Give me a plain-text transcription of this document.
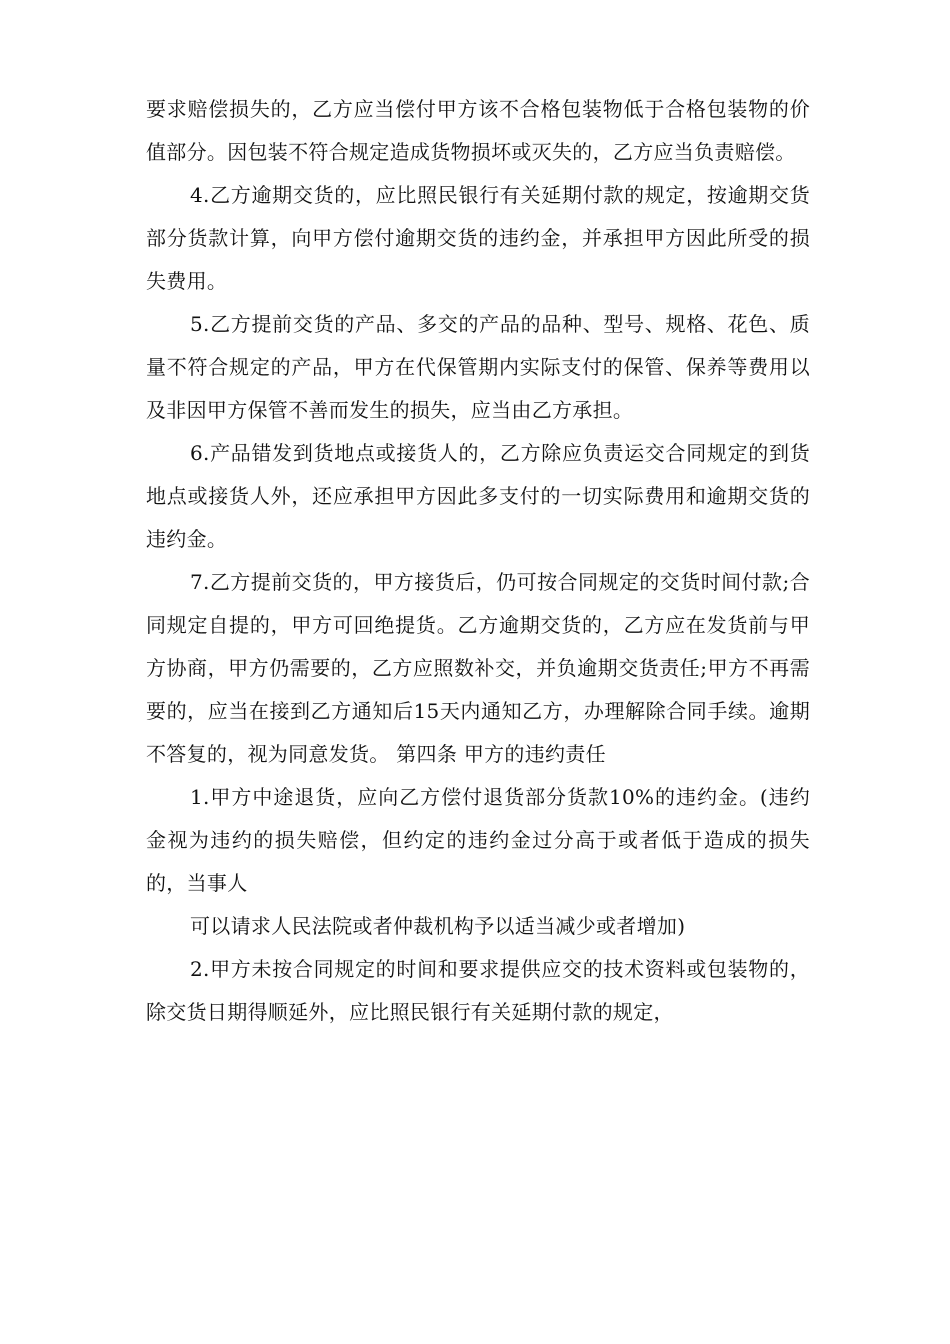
要求赔偿损失的，乙方应当偿付甲方该不合格包装物低于合格包装物的价值部分。因包装不符合规定造成货物损坏或灭失的，乙方应当负责赔偿。

4.乙方逾期交货的，应比照民银行有关延期付款的规定，按逾期交货部分货款计算，向甲方偿付逾期交货的违约金，并承担甲方因此所受的损失费用。

5.乙方提前交货的产品、多交的产品的品种、型号、规格、花色、质量不符合规定的产品，甲方在代保管期内实际支付的保管、保养等费用以及非因甲方保管不善而发生的损失，应当由乙方承担。

6.产品错发到货地点或接货人的，乙方除应负责运交合同规定的到货地点或接货人外，还应承担甲方因此多支付的一切实际费用和逾期交货的违约金。

7.乙方提前交货的，甲方接货后，仍可按合同规定的交货时间付款;合同规定自提的，甲方可回绝提货。乙方逾期交货的，乙方应在发货前与甲方协商，甲方仍需要的，乙方应照数补交，并负逾期交货责任;甲方不再需要的，应当在接到乙方通知后15天内通知乙方，办理解除合同手续。逾期不答复的，视为同意发货。 第四条 甲方的违约责任

1.甲方中途退货，应向乙方偿付退货部分货款10%的违约金。(违约金视为违约的损失赔偿，但约定的违约金过分高于或者低于造成的损失的，当事人

可以请求人民法院或者仲裁机构予以适当减少或者增加)

2.甲方未按合同规定的时间和要求提供应交的技术资料或包装物的，除交货日期得顺延外，应比照民银行有关延期付款的规定，
